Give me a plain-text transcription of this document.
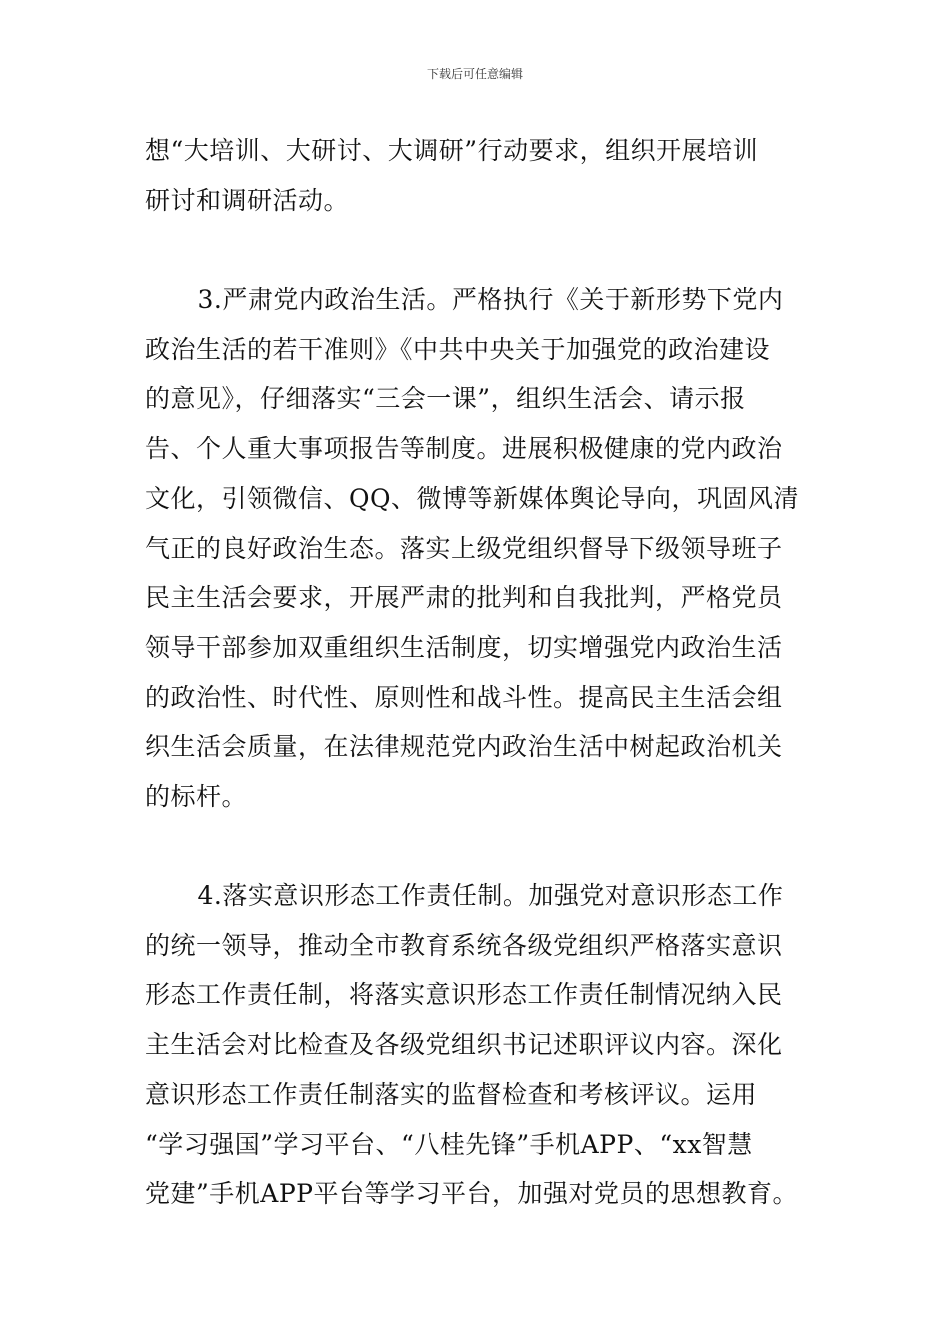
下载后可任意编辑
想“大培训、大研讨、大调研”行动要求，组织开展培训
研讨和调研活动。
3.严肃党内政治生活。严格执行《关于新形势下党内
政治生活的若干准则》《中共中央关于加强党的政治建设
的意见》，仔细落实“三会一课”，组织生活会、请示报
告、个人重大事项报告等制度。进展积极健康的党内政治
文化，引领微信、QQ、微博等新媒体舆论导向，巩固风清
气正的良好政治生态。落实上级党组织督导下级领导班子
民主生活会要求，开展严肃的批判和自我批判，严格党员
领导干部参加双重组织生活制度，切实增强党内政治生活
的政治性、时代性、原则性和战斗性。提高民主生活会组
织生活会质量，在法律规范党内政治生活中树起政治机关
的标杆。
4.落实意识形态工作责任制。加强党对意识形态工作
的统一领导，推动全市教育系统各级党组织严格落实意识
形态工作责任制，将落实意识形态工作责任制情况纳入民
主生活会对比检查及各级党组织书记述职评议内容。深化
意识形态工作责任制落实的监督检查和考核评议。运用
“学习强国”学习平台、“八桂先锋”手机APP、“xx智慧
党建”手机APP平台等学习平台，加强对党员的思想教育。
